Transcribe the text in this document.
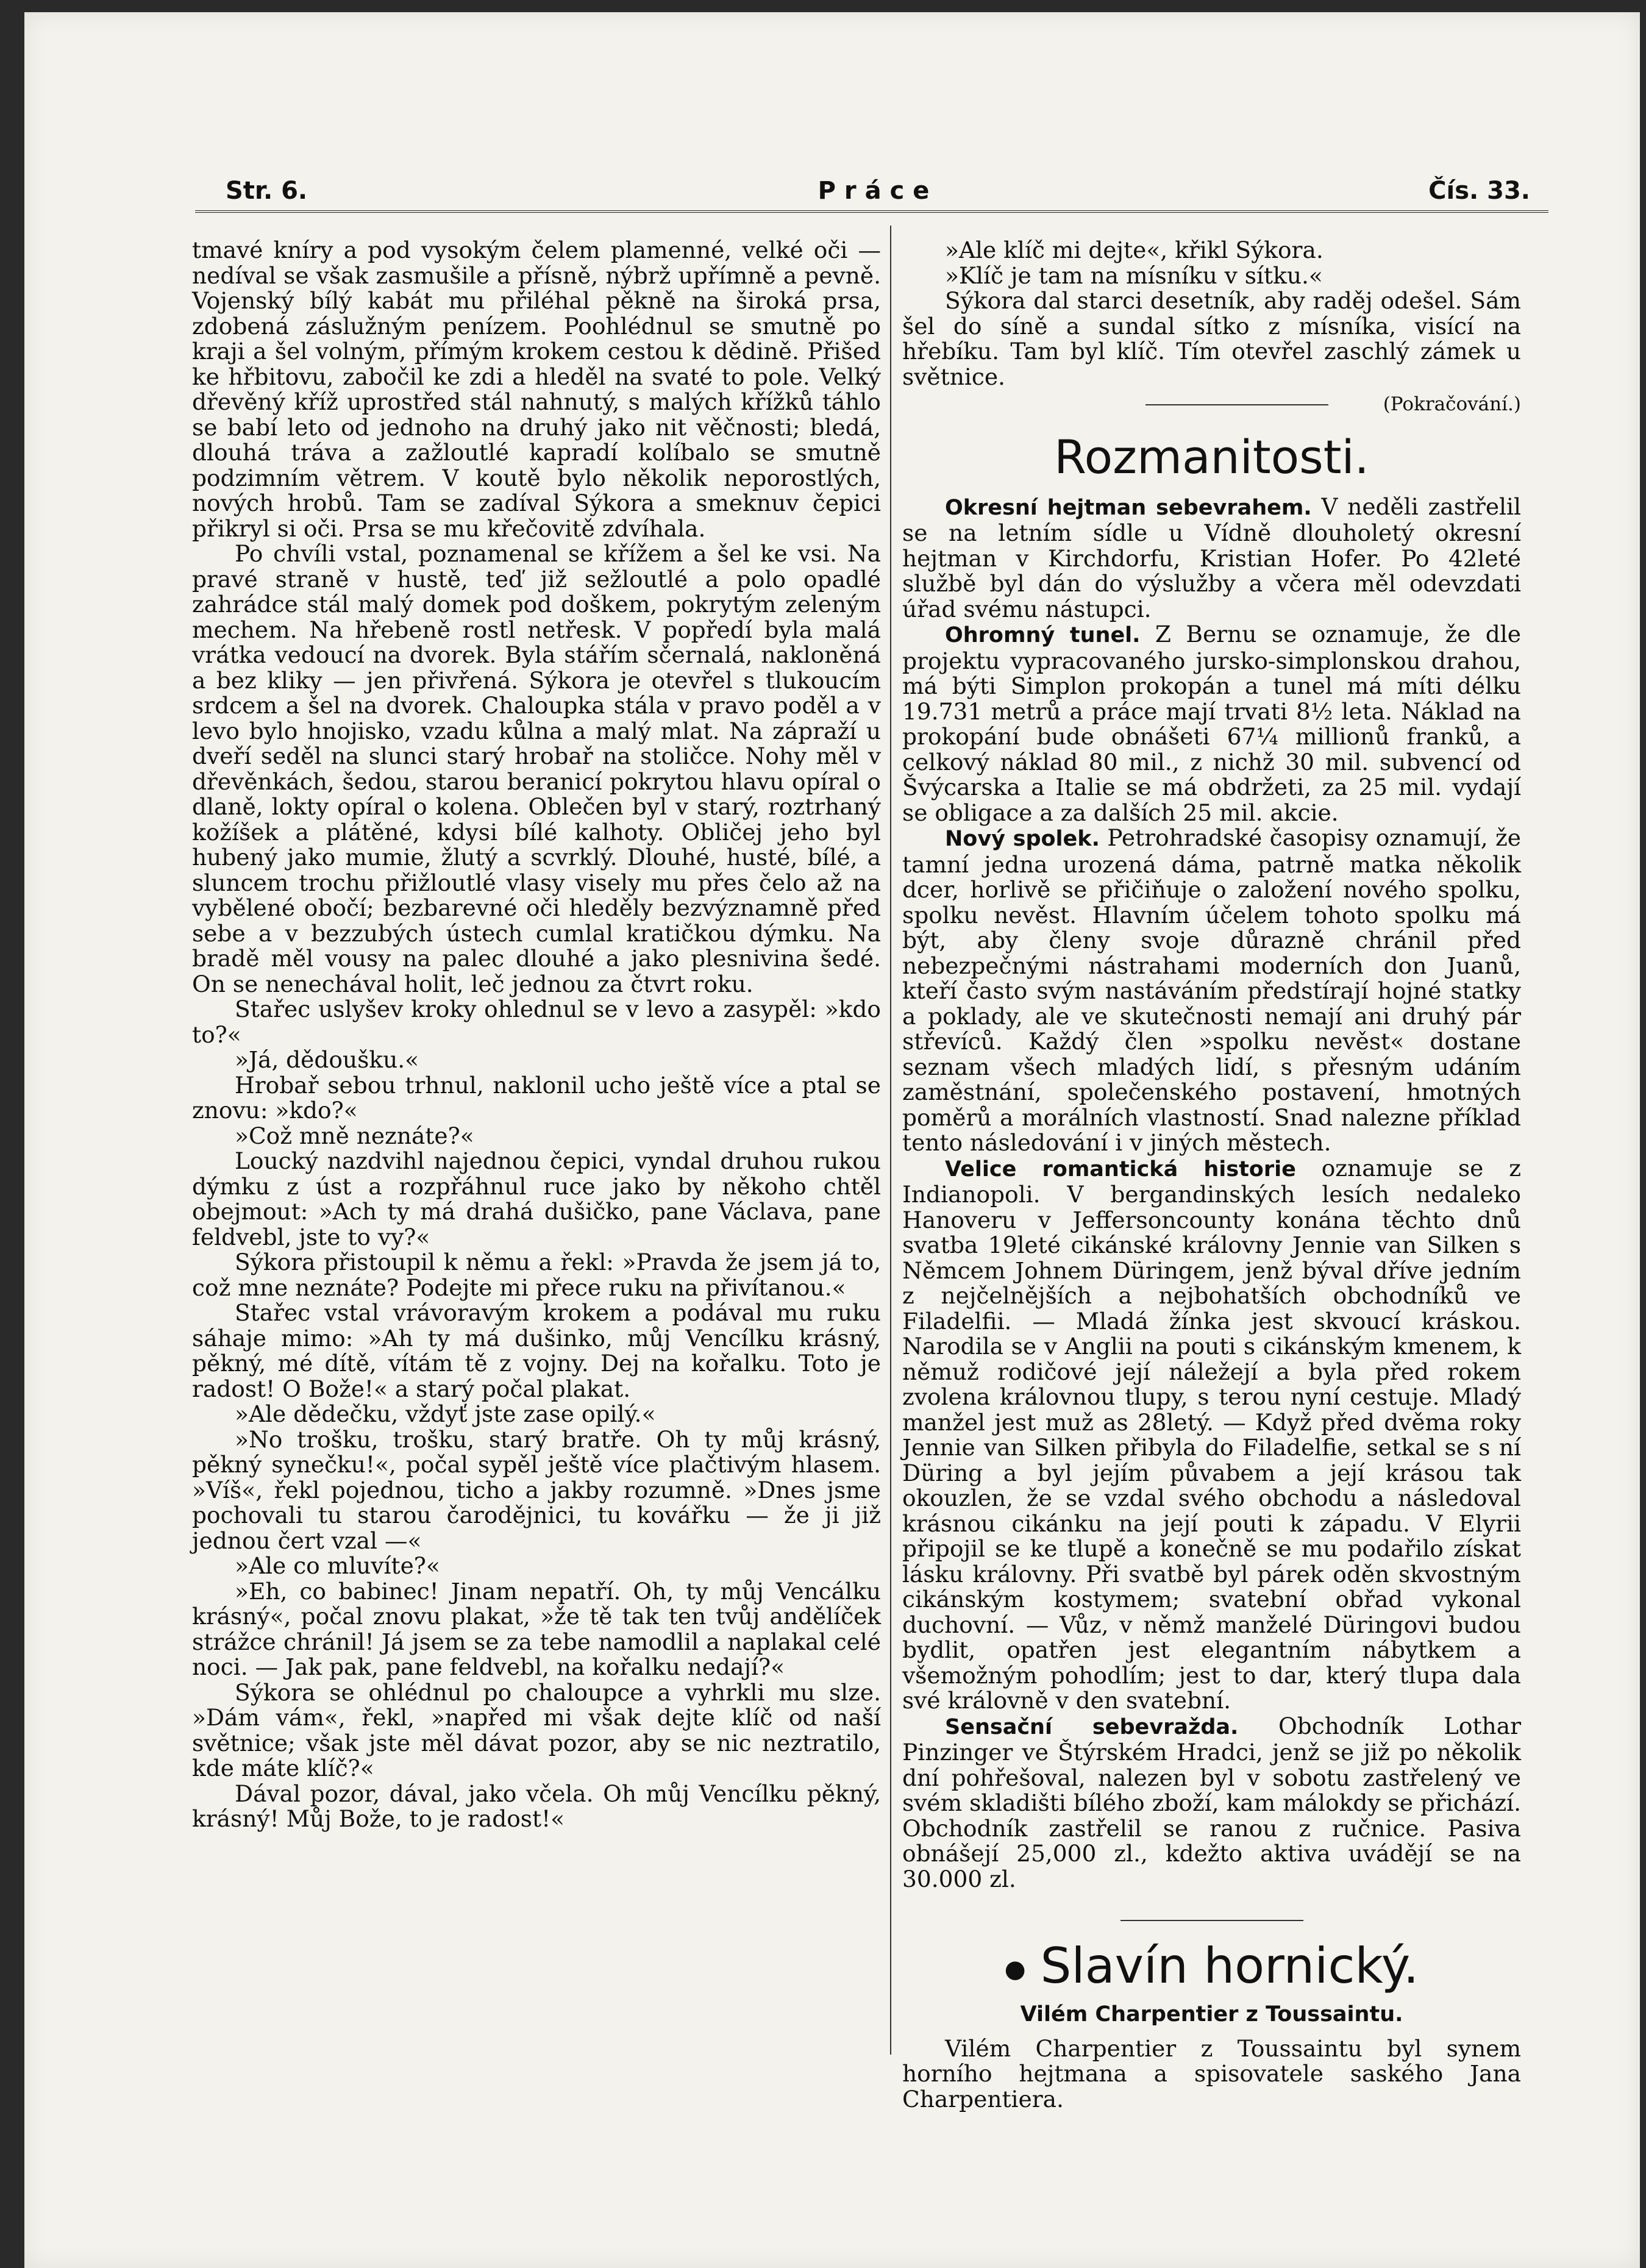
Str. 6.	Práce	Čís. 33.

tmavé kníry a pod vysokým čelem plamenné, velké oči — nedíval se však zasmušile a přísně, nýbrž upřímně a pevně. Vojenský bílý kabát mu přiléhal pěkně na široká prsa, zdobená záslužným penízem. Poohlédnul se smutně po kraji a šel volným, přímým krokem cestou k dědině. Přišed ke hřbitovu, zabočil ke zdi a hleděl na svaté to pole. Velký dřevěný kříž uprostřed stál nahnutý, s malých křížků táhlo se babí leto od jednoho na druhý jako nit věčnosti; bledá, dlouhá tráva a zažloutlé kapradí kolíbalo se smutně podzimním větrem. V koutě bylo několik neporostlých, nových hrobů. Tam se zadíval Sýkora a smeknuv čepici přikryl si oči. Prsa se mu křečovitě zdvíhala.

Po chvíli vstal, poznamenal se křížem a šel ke vsi. Na pravé straně v hustě, teď již sežloutlé a polo opadlé zahrádce stál malý domek pod doškem, pokrytým zeleným mechem. Na hřebeně rostl netřesk. V popředí byla malá vrátka vedoucí na dvorek. Byla stářím sčernalá, nakloněná a bez kliky — jen přivřená. Sýkora je otevřel s tlukoucím srdcem a šel na dvorek. Chaloupka stála v pravo poděl a v levo bylo hnojisko, vzadu kůlna a malý mlat. Na zápraží u dveří seděl na slunci starý hrobař na stoličce. Nohy měl v dřevěnkách, šedou, starou beranicí pokrytou hlavu opíral o dlaně, lokty opíral o kolena. Oblečen byl v starý, roztrhaný kožíšek a plátěné, kdysi bílé kalhoty. Obličej jeho byl hubený jako mumie, žlutý a scvrklý. Dlouhé, husté, bílé, a sluncem trochu přižloutlé vlasy visely mu přes čelo až na vybělené obočí; bezbarevné oči hleděly bezvýznamně před sebe a v bezzubých ústech cumlal kratičkou dýmku. Na bradě měl vousy na palec dlouhé a jako plesnivina šedé. On se nenechával holit, leč jednou za čtvrt roku.

Stařec uslyšev kroky ohlednul se v levo a zasypěl: »kdo to?«

»Já, dědoušku.«

Hrobař sebou trhnul, naklonil ucho ještě více a ptal se znovu: »kdo?«

»Což mně neznáte?«

Loucký nazdvihl najednou čepici, vyndal druhou rukou dýmku z úst a rozpřáhnul ruce jako by někoho chtěl obejmout: »Ach ty má drahá dušičko, pane Václava, pane feldvebl, jste to vy?«

Sýkora přistoupil k němu a řekl: »Pravda že jsem já to, což mne neznáte? Podejte mi přece ruku na přivítanou.«

Stařec vstal vrávoravým krokem a podával mu ruku sáhaje mimo: »Ah ty má dušinko, můj Vencílku krásný, pěkný, mé dítě, vítám tě z vojny. Dej na kořalku. Toto je radost! O Bože!« a starý počal plakat.

»Ale dědečku, vždyť jste zase opilý.«

»No trošku, trošku, starý bratře. Oh ty můj krásný, pěkný synečku!«, počal sypěl ještě více plačtivým hlasem. »Víš«, řekl pojednou, ticho a jakby rozumně. »Dnes jsme pochovali tu starou čarodějnici, tu kovářku — že ji již jednou čert vzal —«

»Ale co mluvíte?«

»Eh, co babinec! Jinam nepatří. Oh, ty můj Vencálku krásný«, počal znovu plakat, »že tě tak ten tvůj andělíček strážce chránil! Já jsem se za tebe namodlil a naplakal celé noci. — Jak pak, pane feldvebl, na kořalku nedají?«

Sýkora se ohlédnul po chaloupce a vyhrkli mu slze. »Dám vám«, řekl, »napřed mi však dejte klíč od naší světnice; však jste měl dávat pozor, aby se nic neztratilo, kde máte klíč?«

Dával pozor, dával, jako včela. Oh můj Vencílku pěkný, krásný! Můj Bože, to je radost!«

»Ale klíč mi dejte«, křikl Sýkora.

»Klíč je tam na mísníku v sítku.«

Sýkora dal starci desetník, aby raděj odešel. Sám šel do síně a sundal sítko z mísníka, visící na hřebíku. Tam byl klíč. Tím otevřel zaschlý zámek u světnice.

(Pokračování.)
Rozmanitosti.

Okresní hejtman sebevrahem. V neděli zastřelil se na letním sídle u Vídně dlouholetý okresní hejtman v Kirchdorfu, Kristian Hofer. Po 42leté službě byl dán do výslužby a včera měl odevzdati úřad svému nástupci.

Ohromný tunel. Z Bernu se oznamuje, že dle projektu vypracovaného jursko-simplonskou drahou, má býti Simplon prokopán a tunel má míti délku 19.731 metrů a práce mají trvati 8½ leta. Náklad na prokopání bude obnášeti 67¼ millionů franků, a celkový náklad 80 mil., z nichž 30 mil. subvencí od Švýcarska a Italie se má obdržeti, za 25 mil. vydají se obligace a za dalších 25 mil. akcie.

Nový spolek. Petrohradské časopisy oznamují, že tamní jedna urozená dáma, patrně matka několik dcer, horlivě se přičiňuje o založení nového spolku, spolku nevěst. Hlavním účelem tohoto spolku má být, aby členy svoje důrazně chránil před nebezpečnými nástrahami moderních don Juanů, kteří často svým nastáváním předstírají hojné statky a poklady, ale ve skutečnosti nemají ani druhý pár střevíců. Každý člen »spolku nevěst« dostane seznam všech mladých lidí, s přesným udáním zaměstnání, společenského postavení, hmotných poměrů a morálních vlastností. Snad nalezne příklad tento následování i v jiných městech.

Velice romantická historie oznamuje se z Indianopoli. V bergandinských lesích nedaleko Hanoveru v Jeffersoncounty konána těchto dnů svatba 19leté cikánské královny Jennie van Silken s Němcem Johnem Düringem, jenž býval dříve jedním z nejčelnějších a nejbohatších obchodníků ve Filadelfii. — Mladá žínka jest skvoucí kráskou. Narodila se v Anglii na pouti s cikánským kmenem, k němuž rodičové její náležejí a byla před rokem zvolena královnou tlupy, s terou nyní cestuje. Mladý manžel jest muž as 28letý. — Když před dvěma roky Jennie van Silken přibyla do Filadelfie, setkal se s ní Düring a byl jejím půvabem a její krásou tak okouzlen, že se vzdal svého obchodu a následoval krásnou cikánku na její pouti k západu. V Elyrii připojil se ke tlupě a konečně se mu podařilo získat lásku královny. Při svatbě byl párek oděn skvostným cikánským kostymem; svatební obřad vykonal duchovní. — Vůz, v němž manželé Düringovi budou bydlit, opatřen jest elegantním nábytkem a všemožným pohodlím; jest to dar, který tlupa dala své královně v den svatební.

Sensační sebevražda. Obchodník Lothar Pinzinger ve Štýrském Hradci, jenž se již po několik dní pohřešoval, nalezen byl v sobotu zastřelený ve svém skladišti bílého zboží, kam málokdy se přichází. Obchodník zastřelil se ranou z ručnice. Pasiva obnášejí 25,000 zl., kdežto aktiva uvádějí se na 30.000 zl.

● Slavín hornický.
Vilém Charpentier z Toussaintu.

Vilém Charpentier z Toussaintu byl synem horního hejtmana a spisovatele saského Jana Charpentiera.
